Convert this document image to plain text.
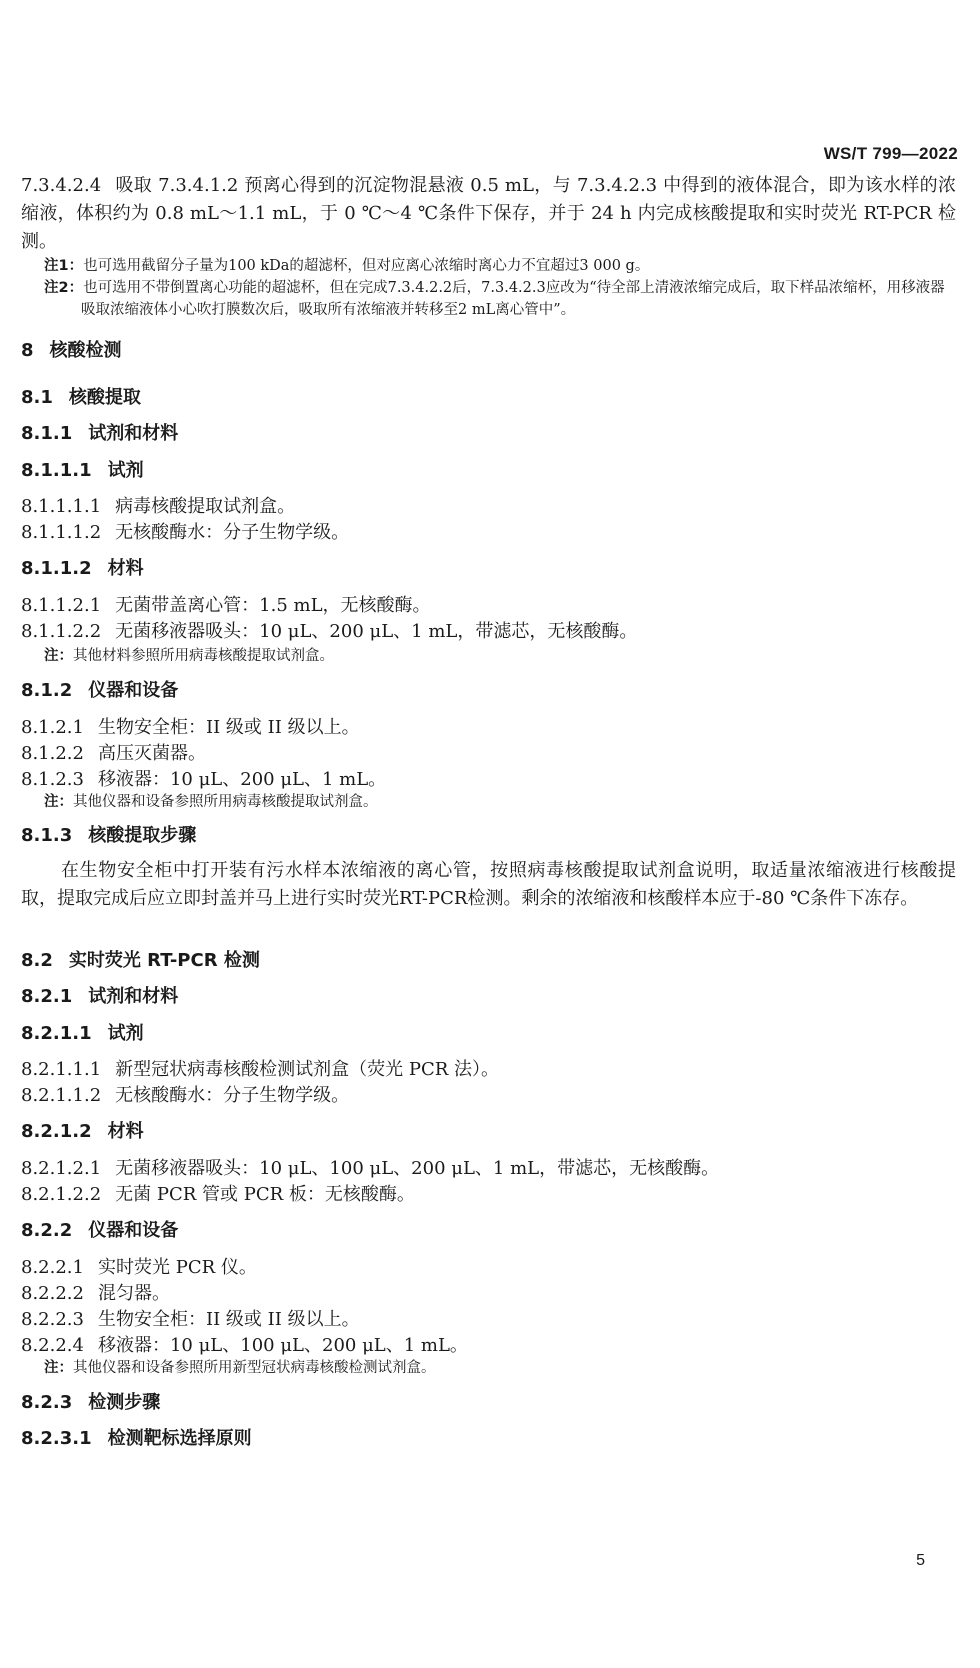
WS/T 799—2022

7.3.4.2.4 吸取 7.3.4.1.2 预离心得到的沉淀物混悬液 0.5 mL，与 7.3.4.2.3 中得到的液体混合，即为该水样的浓缩液，体积约为 0.8 mL～1.1 mL，于 0 ℃～4 ℃条件下保存，并于 24 h 内完成核酸提取和实时荧光 RT-PCR 检测。

注1：也可选用截留分子量为100 kDa的超滤杯，但对应离心浓缩时离心力不宜超过3 000 g。
注2：也可选用不带倒置离心功能的超滤杯，但在完成7.3.4.2.2后，7.3.4.2.3应改为“待全部上清液浓缩完成后，取下样品浓缩杯，用移液器吸取浓缩液体小心吹打膜数次后，吸取所有浓缩液并转移至2 mL离心管中”。
8 核酸检测
8.1 核酸提取
8.1.1 试剂和材料
8.1.1.1 试剂
8.1.1.1.1 病毒核酸提取试剂盒。
8.1.1.1.2 无核酸酶水：分子生物学级。
8.1.1.2 材料
8.1.1.2.1 无菌带盖离心管：1.5 mL，无核酸酶。
8.1.1.2.2 无菌移液器吸头：10 μL、200 μL、1 mL，带滤芯，无核酸酶。
注：其他材料参照所用病毒核酸提取试剂盒。
8.1.2 仪器和设备
8.1.2.1 生物安全柜：II 级或 II 级以上。
8.1.2.2 高压灭菌器。
8.1.2.3 移液器：10 μL、200 μL、1 mL。
注：其他仪器和设备参照所用病毒核酸提取试剂盒。
8.1.3 核酸提取步骤

在生物安全柜中打开装有污水样本浓缩液的离心管，按照病毒核酸提取试剂盒说明，取适量浓缩液进行核酸提取，提取完成后应立即封盖并马上进行实时荧光RT-PCR检测。剩余的浓缩液和核酸样本应于-80 ℃条件下冻存。

8.2 实时荧光 RT-PCR 检测
8.2.1 试剂和材料
8.2.1.1 试剂
8.2.1.1.1 新型冠状病毒核酸检测试剂盒（荧光 PCR 法）。
8.2.1.1.2 无核酸酶水：分子生物学级。
8.2.1.2 材料
8.2.1.2.1 无菌移液器吸头：10 μL、100 μL、200 μL、1 mL，带滤芯，无核酸酶。
8.2.1.2.2 无菌 PCR 管或 PCR 板：无核酸酶。
8.2.2 仪器和设备
8.2.2.1 实时荧光 PCR 仪。
8.2.2.2 混匀器。
8.2.2.3 生物安全柜：II 级或 II 级以上。
8.2.2.4 移液器：10 μL、100 μL、200 μL、1 mL。
注：其他仪器和设备参照所用新型冠状病毒核酸检测试剂盒。
8.2.3 检测步骤
8.2.3.1 检测靶标选择原则
5
